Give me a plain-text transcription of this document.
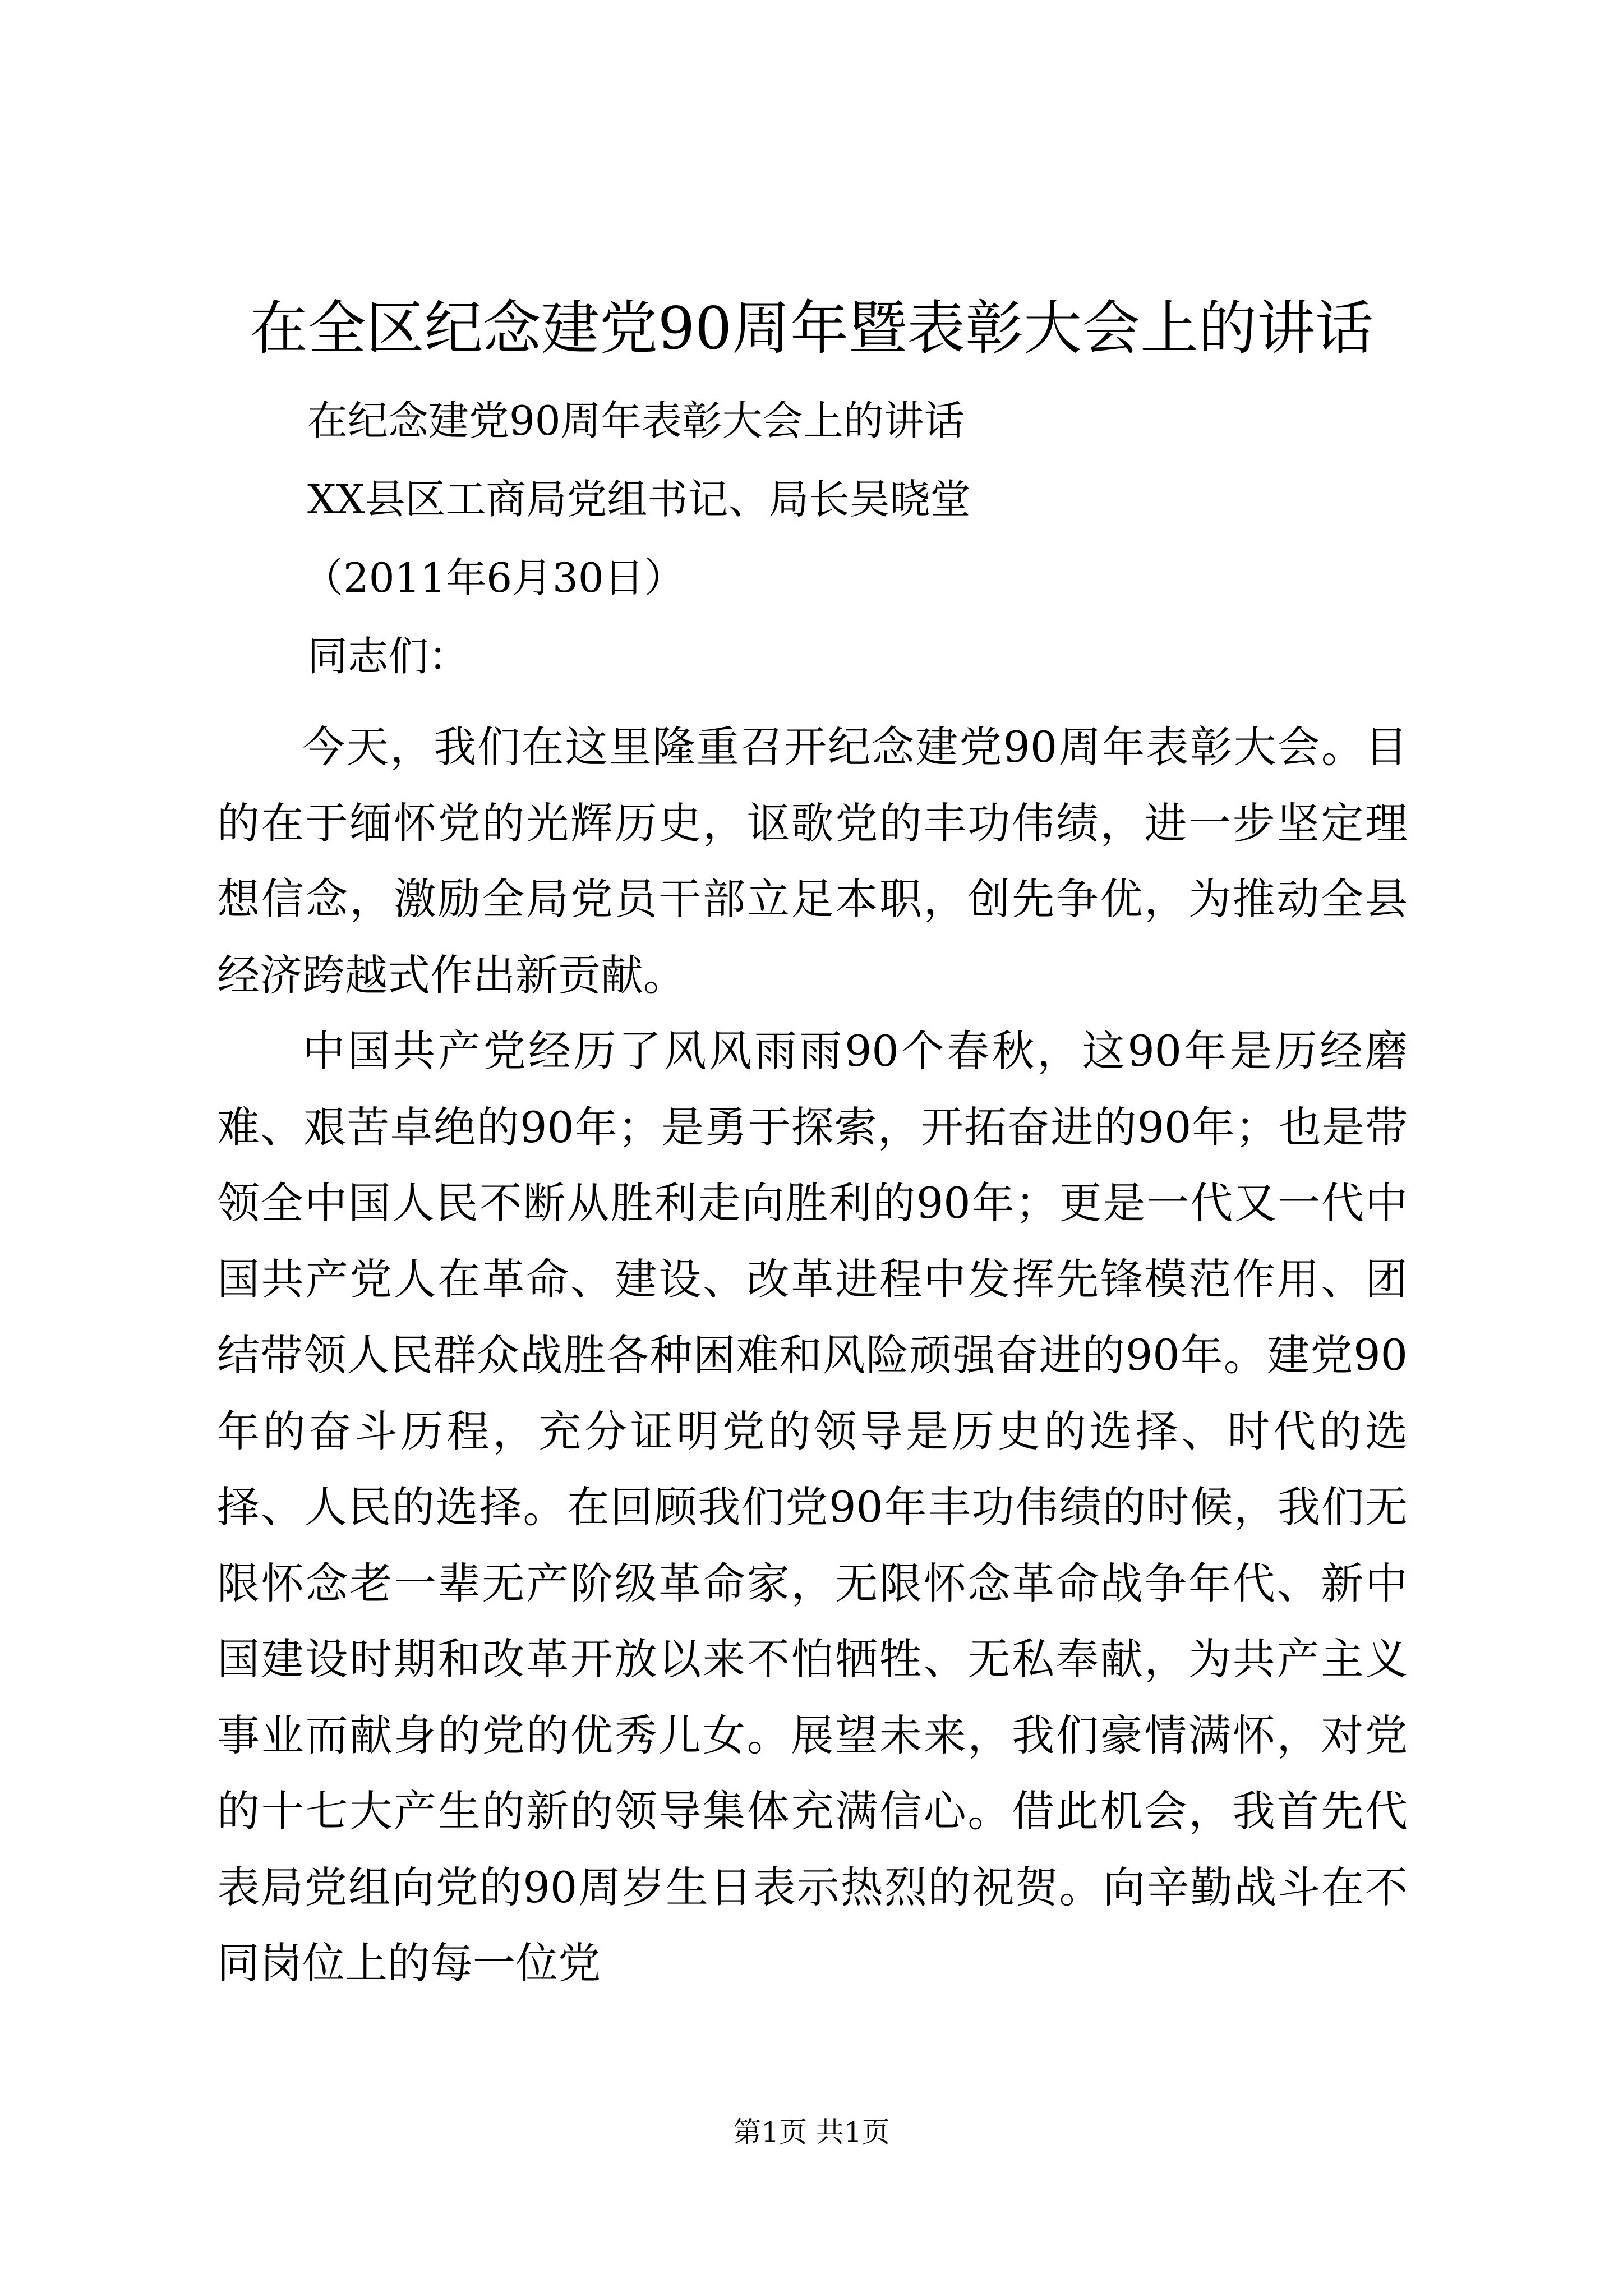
在全区纪念建党90周年暨表彰大会上的讲话

在纪念建党90周年表彰大会上的讲话

XX县区工商局党组书记、局长吴晓堂

（2011年6月30日）

同志们：

今天，我们在这里隆重召开纪念建党90周年表彰大会。目的在于缅怀党的光辉历史，讴歌党的丰功伟绩，进一步坚定理想信念，激励全局党员干部立足本职，创先争优，为推动全县经济跨越式作出新贡献。

中国共产党经历了风风雨雨90个春秋，这90年是历经磨难、艰苦卓绝的90年；是勇于探索，开拓奋进的90年；也是带领全中国人民不断从胜利走向胜利的90年；更是一代又一代中国共产党人在革命、建设、改革进程中发挥先锋模范作用、团结带领人民群众战胜各种困难和风险顽强奋进的90年。建党90年的奋斗历程，充分证明党的领导是历史的选择、时代的选择、人民的选择。在回顾我们党90年丰功伟绩的时候，我们无限怀念老一辈无产阶级革命家，无限怀念革命战争年代、新中国建设时期和改革开放以来不怕牺牲、无私奉献，为共产主义事业而献身的党的优秀儿女。展望未来，我们豪情满怀，对党的十七大产生的新的领导集体充满信心。借此机会，我首先代表局党组向党的90周岁生日表示热烈的祝贺。向辛勤战斗在不同岗位上的每一位党

第1页 共1页
